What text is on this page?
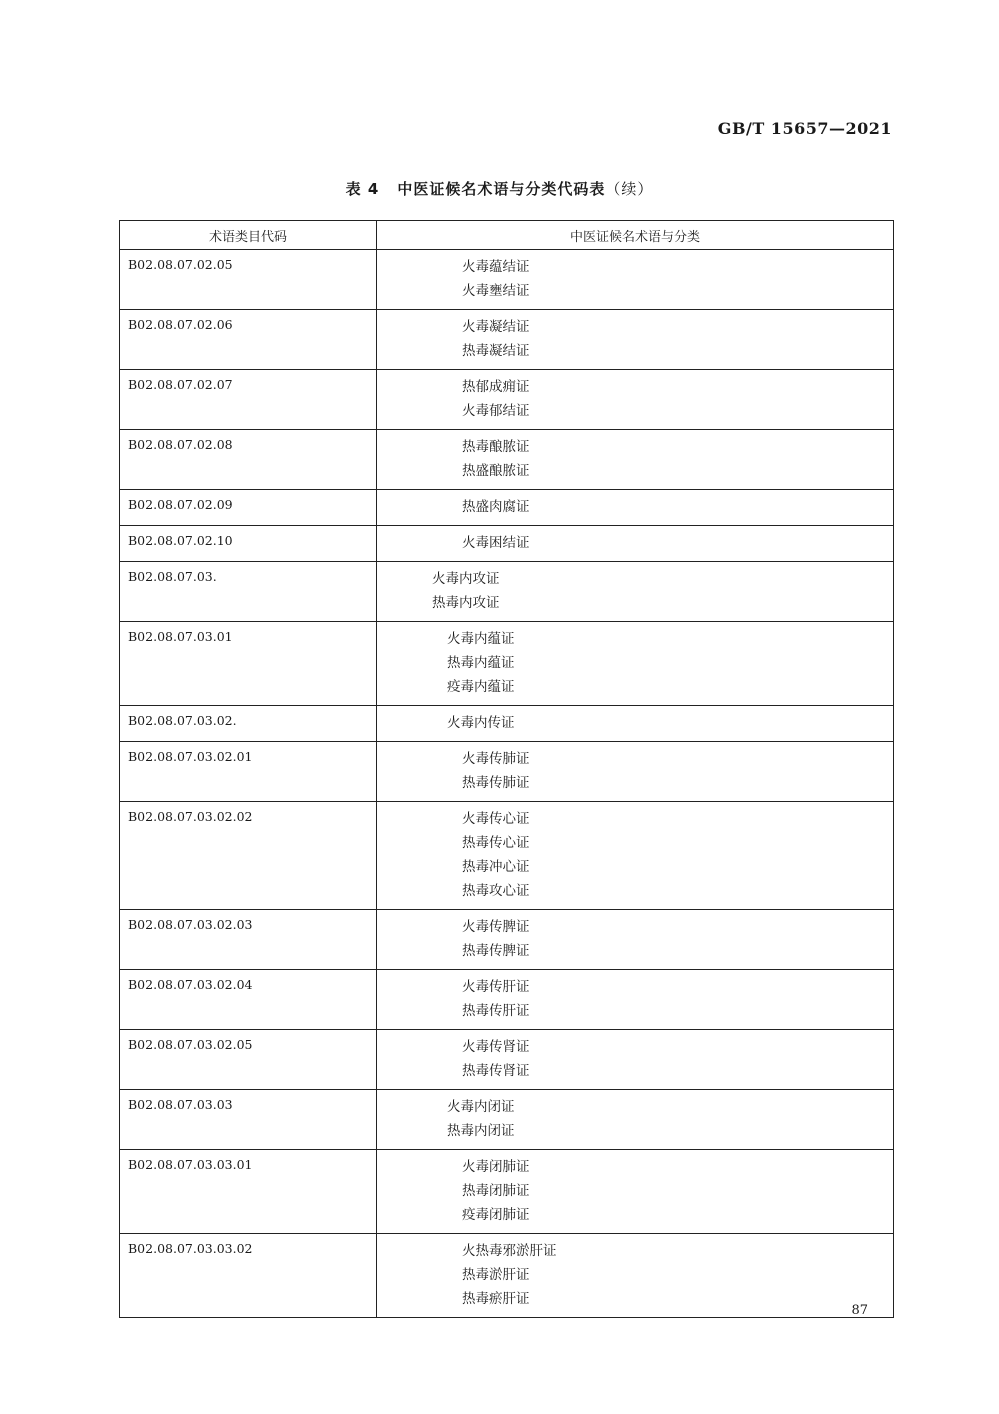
GB/T 15657—2021
表 4 中医证候名术语与分类代码表（续）
术语类目代码	中医证候名术语与分类
B02.08.07.02.05	火毒蕴结证
火毒壅结证

B02.08.07.02.06	火毒凝结证
热毒凝结证

B02.08.07.02.07	热郁成痈证
火毒郁结证

B02.08.07.02.08	热毒酿脓证
热盛酿脓证

B02.08.07.02.09	热盛肉腐证

B02.08.07.02.10	火毒困结证

B02.08.07.03.	火毒内攻证
热毒内攻证

B02.08.07.03.01	火毒内蕴证
热毒内蕴证
疫毒内蕴证

B02.08.07.03.02.	火毒内传证

B02.08.07.03.02.01	火毒传肺证
热毒传肺证

B02.08.07.03.02.02	火毒传心证
热毒传心证
热毒冲心证
热毒攻心证

B02.08.07.03.02.03	火毒传脾证
热毒传脾证

B02.08.07.03.02.04	火毒传肝证
热毒传肝证

B02.08.07.03.02.05	火毒传肾证
热毒传肾证

B02.08.07.03.03	火毒内闭证
热毒内闭证

B02.08.07.03.03.01	火毒闭肺证
热毒闭肺证
疫毒闭肺证

B02.08.07.03.03.02	火热毒邪淤肝证
热毒淤肝证
热毒瘀肝证
87
